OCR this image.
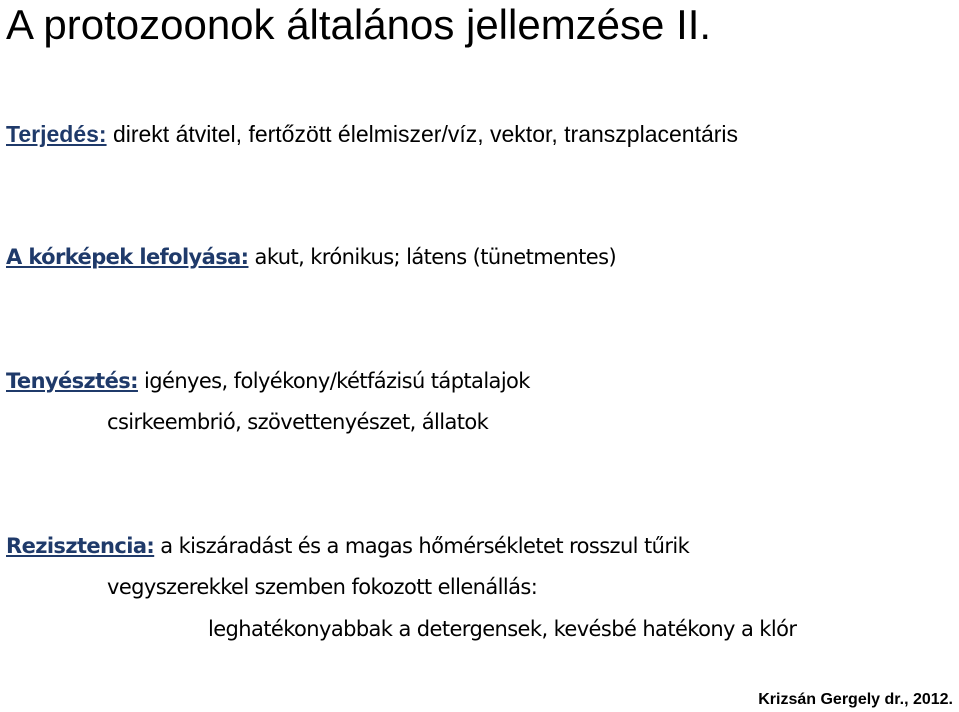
A protozoonok általános jellemzése II.
Terjedés: direkt átvitel, fertőzött élelmiszer/víz, vektor, transzplacentáris
A kórképek lefolyása: akut, krónikus; látens (tünetmentes)
Tenyésztés: igényes, folyékony/kétfázisú táptalajok
csirkeembrió, szövettenyészet, állatok
Rezisztencia: a kiszáradást és a magas hőmérsékletet rosszul tűrik
vegyszerekkel szemben fokozott ellenállás:
leghatékonyabbak a detergensek, kevésbé hatékony a klór
Krizsán Gergely dr., 2012.
